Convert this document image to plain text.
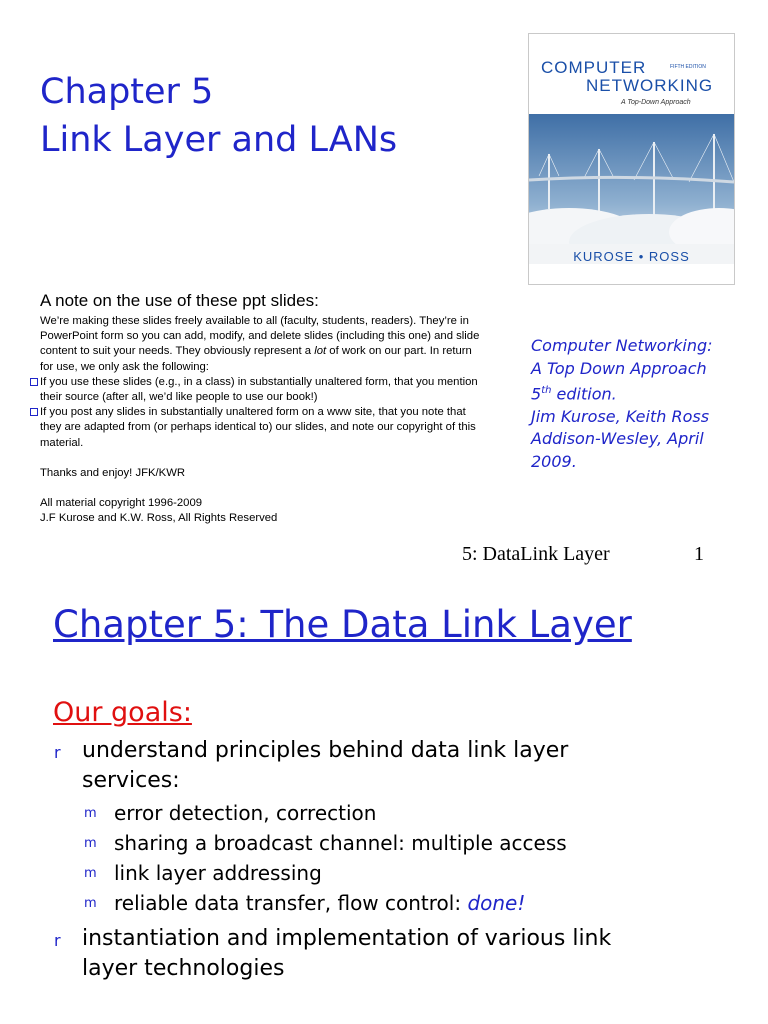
Chapter 5
Link Layer and LANs
COMPUTER	FIFTH EDITION
NETWORKING
A Top-Down Approach
KUROSE • ROSS
A note on the use of these ppt slides:

We’re making these slides freely available to all (faculty, students, readers). They’re in PowerPoint form so you can add, modify, and delete slides (including this one) and slide content to suit your needs. They obviously represent a lot of work on our part. In return for use, we only ask the following:

If you use these slides (e.g., in a class) in substantially unaltered form, that you mention their source (after all, we’d like people to use our book!)

If you post any slides in substantially unaltered form on a www site, that you note that they are adapted from (or perhaps identical to) our slides, and note our copyright of this material.

Thanks and enjoy! JFK/KWR

All material copyright 1996-2009

J.F Kurose and K.W. Ross, All Rights Reserved

Computer Networking:
A Top Down Approach
5th edition.
Jim Kurose, Keith Ross
Addison-Wesley, April
2009.
5: DataLink Layer	1
Chapter 5: The Data Link Layer
Our goals:
r understand principles behind data link layer
services:
m error detection, correction
m sharing a broadcast channel: multiple access
m link layer addressing
m reliable data transfer, flow control: done!
r instantiation and implementation of various link
layer technologies
